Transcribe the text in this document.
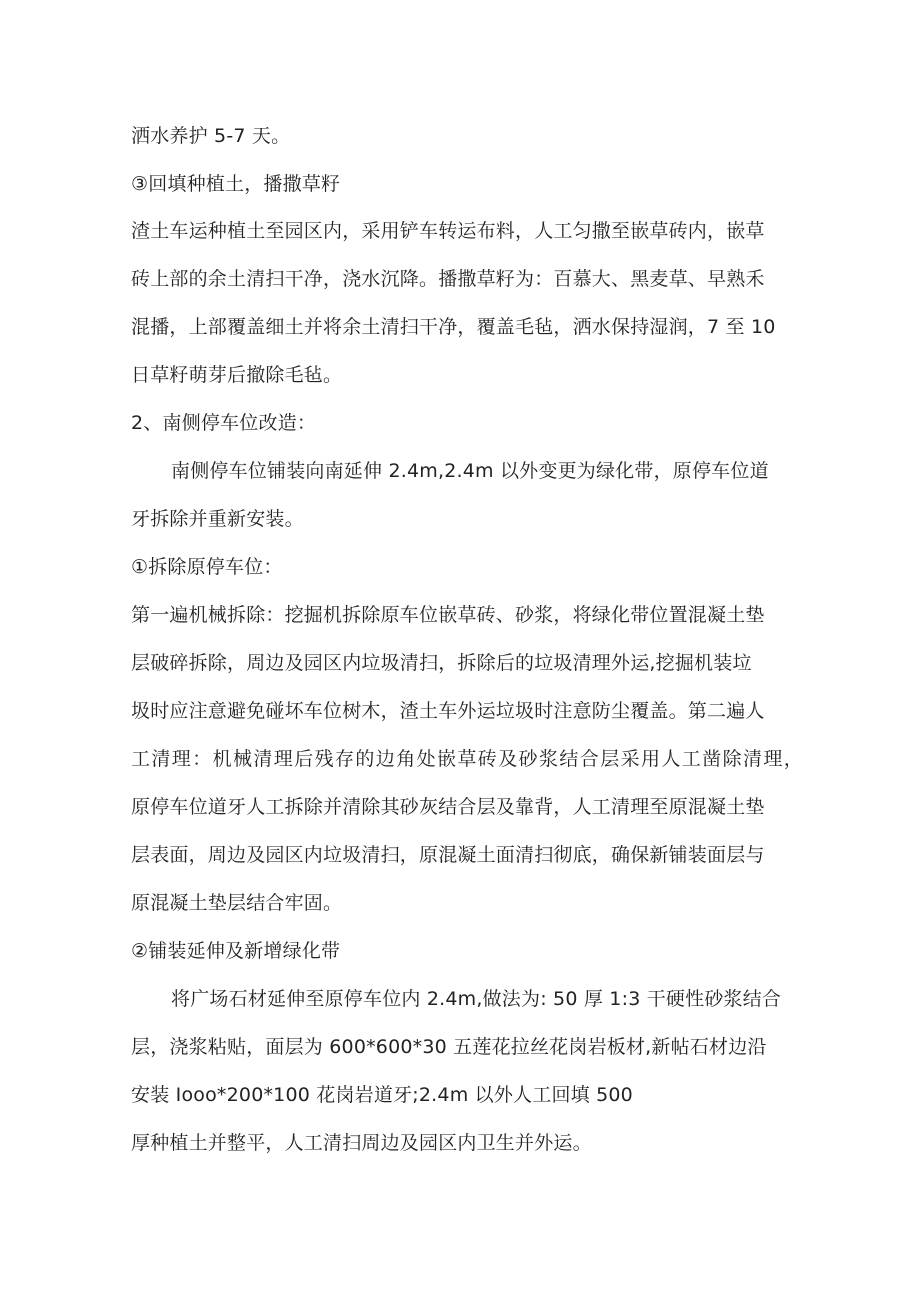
洒水养护 5-7 天。
③回填种植土，播撒草籽
渣土车运种植土至园区内，采用铲车转运布料，人工匀撒至嵌草砖内，嵌草
砖上部的余土清扫干净，浇水沉降。播撒草籽为：百慕大、黑麦草、早熟禾
混播，上部覆盖细土并将余土清扫干净，覆盖毛毡，洒水保持湿润，7 至 10
日草籽萌芽后撤除毛毡。
2、南侧停车位改造：
南侧停车位铺装向南延伸 2.4m,2.4m 以外变更为绿化带，原停车位道
牙拆除并重新安装。
①拆除原停车位：
第一遍机械拆除：挖掘机拆除原车位嵌草砖、砂浆，将绿化带位置混凝土垫
层破碎拆除，周边及园区内垃圾清扫，拆除后的垃圾清理外运,挖掘机装垃
圾时应注意避免碰坏车位树木，渣土车外运垃圾时注意防尘覆盖。第二遍人
工清理：机械清理后残存的边角处嵌草砖及砂浆结合层采用人工凿除清理，
原停车位道牙人工拆除并清除其砂灰结合层及靠背，人工清理至原混凝土垫
层表面，周边及园区内垃圾清扫，原混凝土面清扫彻底，确保新铺装面层与
原混凝土垫层结合牢固。
②铺装延伸及新增绿化带
将广场石材延伸至原停车位内 2.4m,做法为: 50 厚 1:3 干硬性砂浆结合
层，浇浆粘贴，面层为 600*600*30 五莲花拉丝花岗岩板材,新帖石材边沿
安装 Iooo*200*100 花岗岩道牙;2.4m 以外人工回填 500
厚种植土并整平，人工清扫周边及园区内卫生并外运。
